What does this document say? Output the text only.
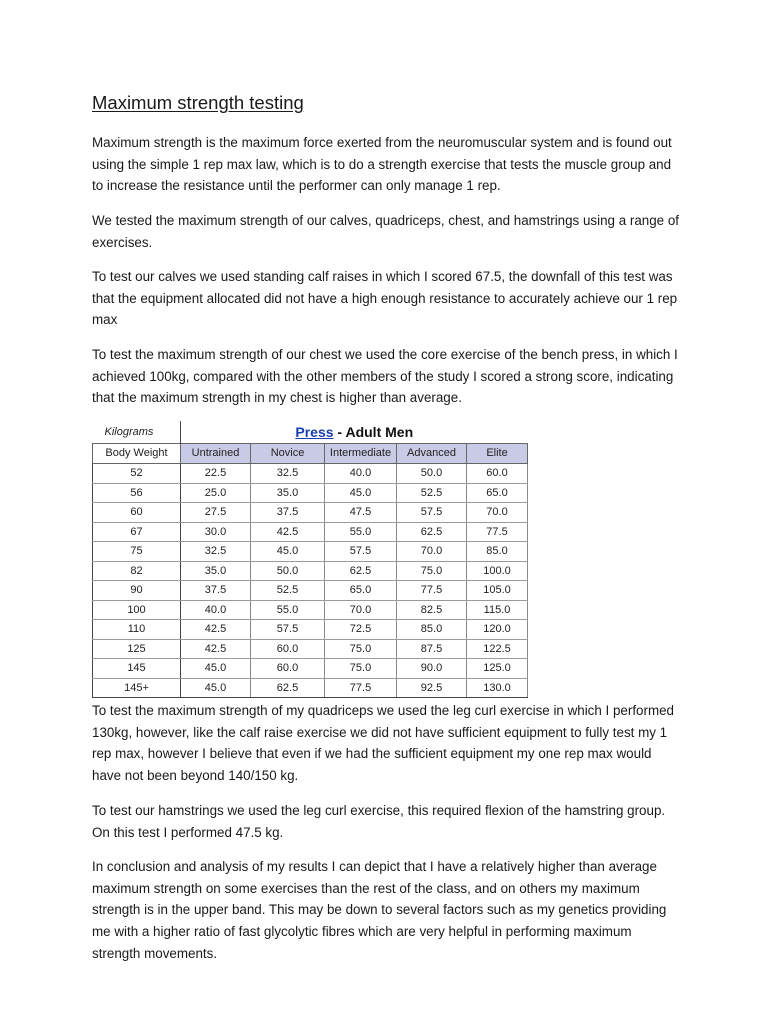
Maximum strength testing

Maximum strength is the maximum force exerted from the neuromuscular system and is found out using the simple 1 rep max law, which is to do a strength exercise that tests the muscle group and to increase the resistance until the performer can only manage 1 rep.

We tested the maximum strength of our calves, quadriceps, chest, and hamstrings using a range of exercises.

To test our calves we used standing calf raises in which I scored 67.5, the downfall of this test was that the equipment allocated did not have a high enough resistance to accurately achieve our 1 rep max

To test the maximum strength of our chest we used the core exercise of the bench press, in which I achieved 100kg, compared with the other members of the study I scored a strong score, indicating that the maximum strength in my chest is higher than average.

Kilograms	Press - Adult Men				
Body Weight	Untrained	Novice	Intermediate	Advanced	Elite
52	22.5	32.5	40.0	50.0	60.0
56	25.0	35.0	45.0	52.5	65.0
60	27.5	37.5	47.5	57.5	70.0
67	30.0	42.5	55.0	62.5	77.5
75	32.5	45.0	57.5	70.0	85.0
82	35.0	50.0	62.5	75.0	100.0
90	37.5	52.5	65.0	77.5	105.0
100	40.0	55.0	70.0	82.5	115.0
110	42.5	57.5	72.5	85.0	120.0
125	42.5	60.0	75.0	87.5	122.5
145	45.0	60.0	75.0	90.0	125.0
145+	45.0	62.5	77.5	92.5	130.0

To test the maximum strength of my quadriceps we used the leg curl exercise in which I performed 130kg, however, like the calf raise exercise we did not have sufficient equipment to fully test my 1 rep max, however I believe that even if we had the sufficient equipment my one rep max would have not been beyond 140/150 kg.

To test our hamstrings we used the leg curl exercise, this required flexion of the hamstring group. On this test I performed 47.5 kg.

In conclusion and analysis of my results I can depict that I have a relatively higher than average maximum strength on some exercises than the rest of the class, and on others my maximum strength is in the upper band. This may be down to several factors such as my genetics providing me with a higher ratio of fast glycolytic fibres which are very helpful in performing maximum strength movements.
